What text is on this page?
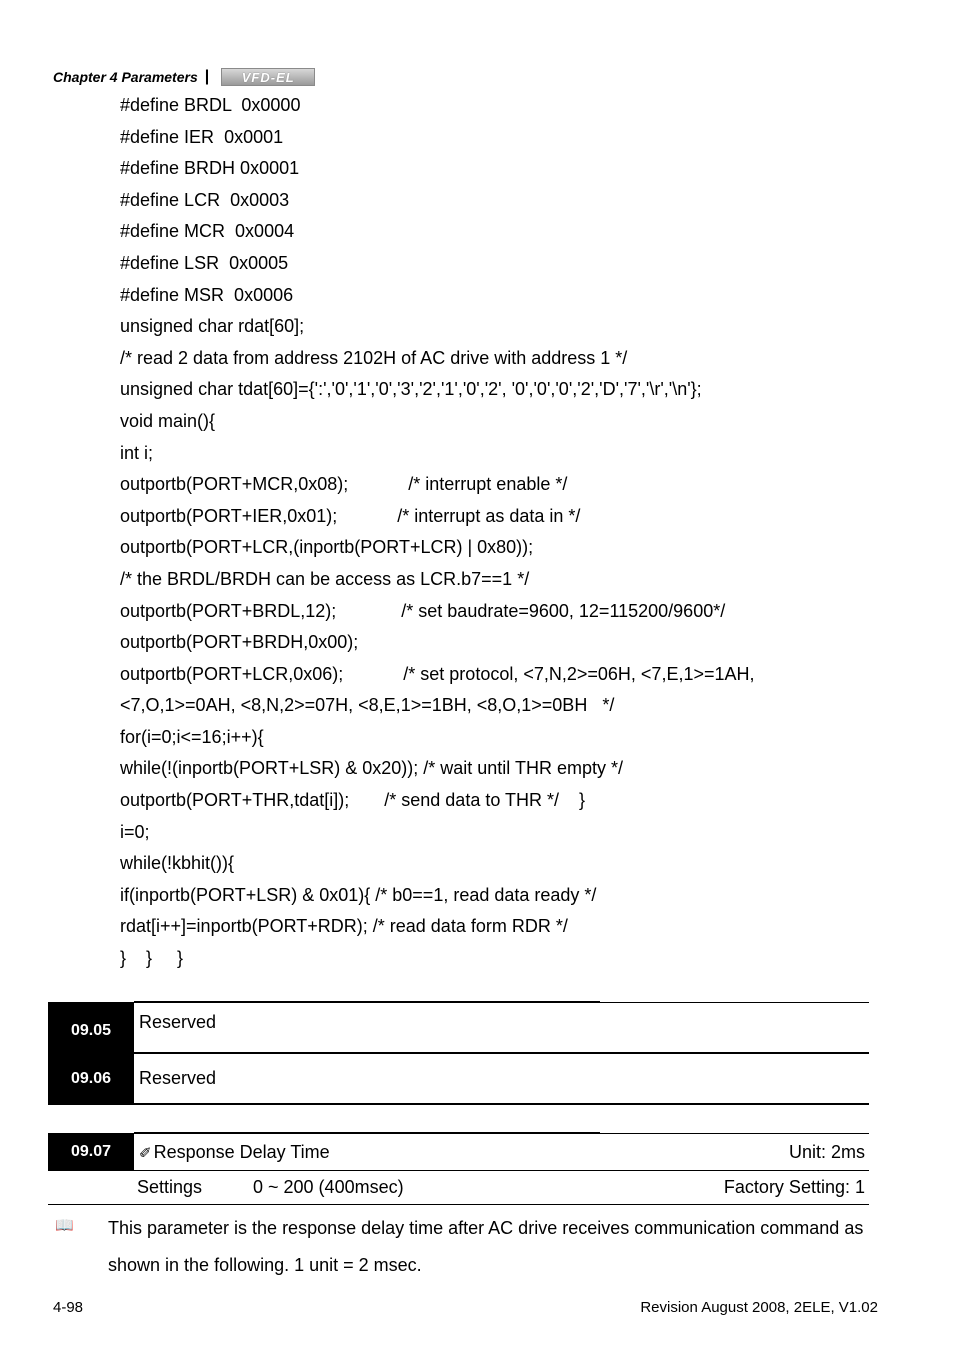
Chapter 4 Parameters |	VFD-EL
#define BRDL  0x0000
#define IER  0x0001
#define BRDH 0x0001
#define LCR  0x0003
#define MCR  0x0004
#define LSR  0x0005
#define MSR  0x0006
unsigned char rdat[60];
/* read 2 data from address 2102H of AC drive with address 1 */
unsigned char tdat[60]={':','0','1','0','3','2','1','0','2', '0','0','0','2','D','7','\r','\n'};
void main(){
int i;
outportb(PORT+MCR,0x08);            /* interrupt enable */
outportb(PORT+IER,0x01);            /* interrupt as data in */
outportb(PORT+LCR,(inportb(PORT+LCR) | 0x80));
/* the BRDL/BRDH can be access as LCR.b7==1 */
outportb(PORT+BRDL,12);             /* set baudrate=9600, 12=115200/9600*/
outportb(PORT+BRDH,0x00);
outportb(PORT+LCR,0x06);            /* set protocol, <7,N,2>=06H, <7,E,1>=1AH,
<7,O,1>=0AH, <8,N,2>=07H, <8,E,1>=1BH, <8,O,1>=0BH   */
for(i=0;i<=16;i++){
while(!(inportb(PORT+LSR) & 0x20)); /* wait until THR empty */
outportb(PORT+THR,tdat[i]);       /* send data to THR */    }
i=0;
while(!kbhit()){
if(inportb(PORT+LSR) & 0x01){ /* b0==1, read data ready */
rdat[i++]=inportb(PORT+RDR); /* read data form RDR */
}    }     }
09.05	Reserved
09.06	Reserved
09.07	✐ Response Delay Time	Unit: 2ms
Settings	0 ~ 200 (400msec)	Factory Setting: 1
📖 This parameter is the response delay time after AC drive receives communication command as shown in the following. 1 unit = 2 msec.
4-98	Revision August 2008, 2ELE, V1.02
